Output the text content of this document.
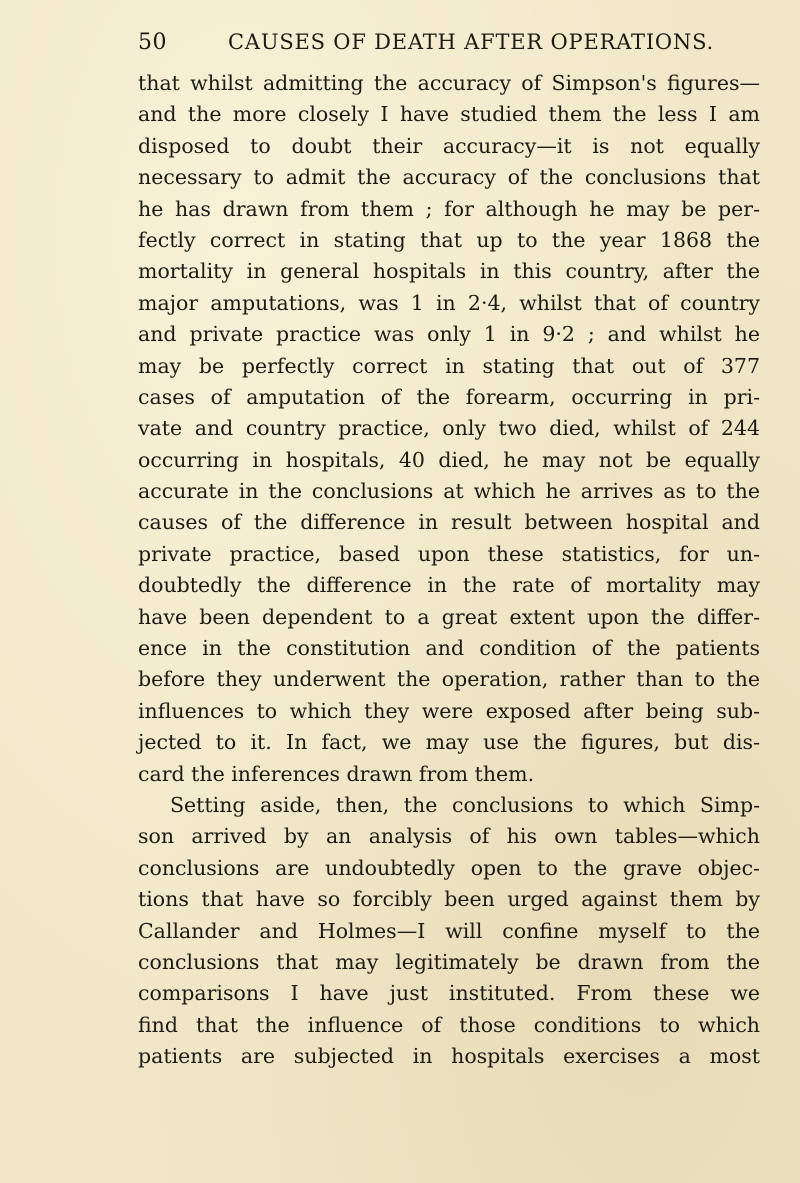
50	CAUSES OF DEATH AFTER OPERATIONS.
that whilst admitting the accuracy of Simpson's figures—
and the more closely I have studied them the less I am
disposed to doubt their accuracy—it is not equally
necessary to admit the accuracy of the conclusions that
he has drawn from them ; for although he may be per-
fectly correct in stating that up to the year 1868 the
mortality in general hospitals in this country, after the
major amputations, was 1 in 2·4, whilst that of country
and private practice was only 1 in 9·2 ; and whilst he
may be perfectly correct in stating that out of 377
cases of amputation of the forearm, occurring in pri-
vate and country practice, only two died, whilst of 244
occurring in hospitals, 40 died, he may not be equally
accurate in the conclusions at which he arrives as to the
causes of the difference in result between hospital and
private practice, based upon these statistics, for un-
doubtedly the difference in the rate of mortality may
have been dependent to a great extent upon the differ-
ence in the constitution and condition of the patients
before they underwent the operation, rather than to the
influences to which they were exposed after being sub-
jected to it. In fact, we may use the figures, but dis-
card the inferences drawn from them.
Setting aside, then, the conclusions to which Simp-
son arrived by an analysis of his own tables—which
conclusions are undoubtedly open to the grave objec-
tions that have so forcibly been urged against them by
Callander and Holmes—I will confine myself to the
conclusions that may legitimately be drawn from the
comparisons I have just instituted. From these we
find that the influence of those conditions to which
patients are subjected in hospitals exercises a most
